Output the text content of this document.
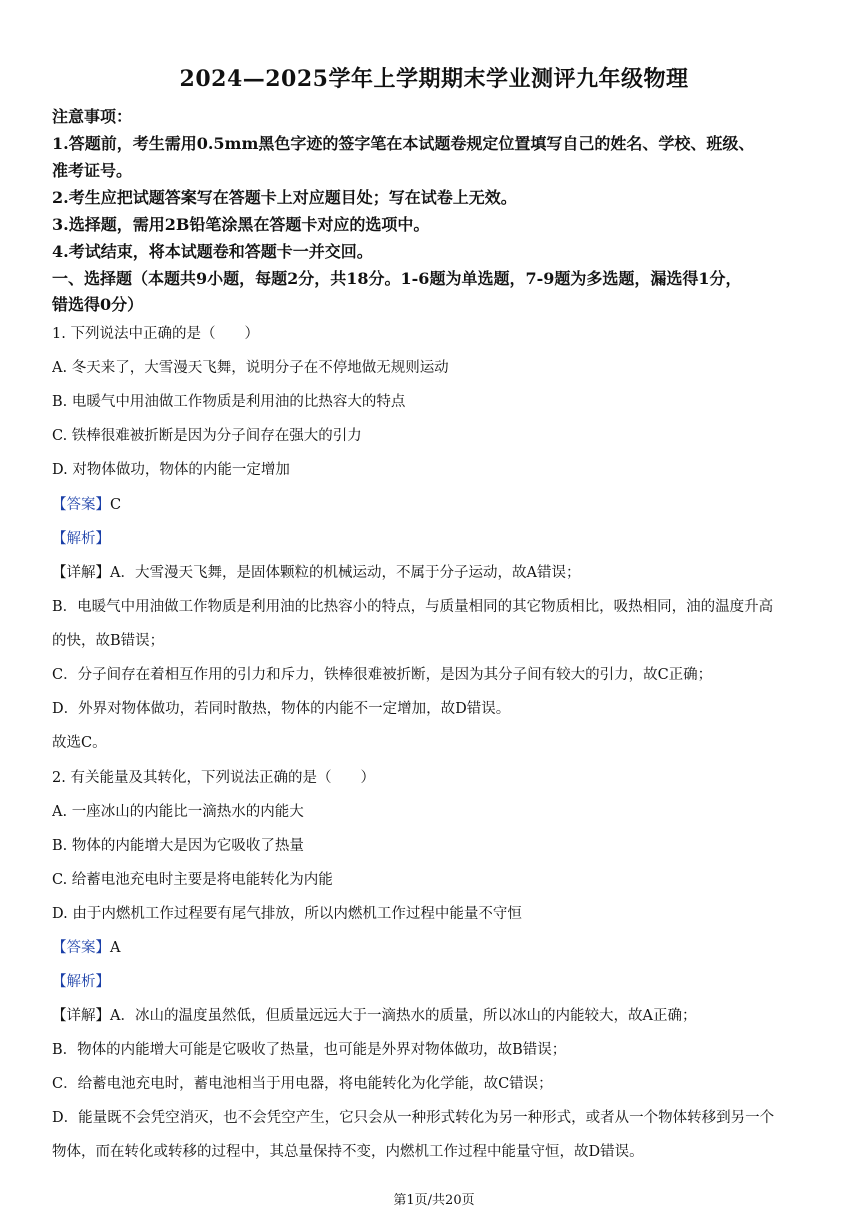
2024—2025学年上学期期末学业测评九年级物理
注意事项：
1.答题前，考生需用0.5mm黑色字迹的签字笔在本试题卷规定位置填写自己的姓名、学校、班级、
准考证号。
2.考生应把试题答案写在答题卡上对应题目处；写在试卷上无效。
3.选择题，需用2B铅笔涂黑在答题卡对应的选项中。
4.考试结束，将本试题卷和答题卡一并交回。
一、选择题（本题共9小题，每题2分，共18分。1-6题为单选题，7-9题为多选题，漏选得1分，
错选得0分）
1. 下列说法中正确的是（　　）
A. 冬天来了，大雪漫天飞舞，说明分子在不停地做无规则运动
B. 电暖气中用油做工作物质是利用油的比热容大的特点
C. 铁棒很难被折断是因为分子间存在强大的引力
D. 对物体做功，物体的内能一定增加
【答案】C
【解析】
【详解】A．大雪漫天飞舞，是固体颗粒的机械运动，不属于分子运动，故A错误；
B．电暖气中用油做工作物质是利用油的比热容小的特点，与质量相同的其它物质相比，吸热相同，油的温度升高
的快，故B错误；
C．分子间存在着相互作用的引力和斥力，铁棒很难被折断，是因为其分子间有较大的引力，故C正确；
D．外界对物体做功，若同时散热，物体的内能不一定增加，故D错误。
故选C。
2. 有关能量及其转化，下列说法正确的是（　　）
A. 一座冰山的内能比一滴热水的内能大
B. 物体的内能增大是因为它吸收了热量
C. 给蓄电池充电时主要是将电能转化为内能
D. 由于内燃机工作过程要有尾气排放，所以内燃机工作过程中能量不守恒
【答案】A
【解析】
【详解】A．冰山的温度虽然低，但质量远远大于一滴热水的质量，所以冰山的内能较大，故A正确；
B．物体的内能增大可能是它吸收了热量，也可能是外界对物体做功，故B错误；
C．给蓄电池充电时，蓄电池相当于用电器，将电能转化为化学能，故C错误；
D．能量既不会凭空消灭，也不会凭空产生，它只会从一种形式转化为另一种形式，或者从一个物体转移到另一个
物体，而在转化或转移的过程中，其总量保持不变，内燃机工作过程中能量守恒，故D错误。
第1页/共20页
